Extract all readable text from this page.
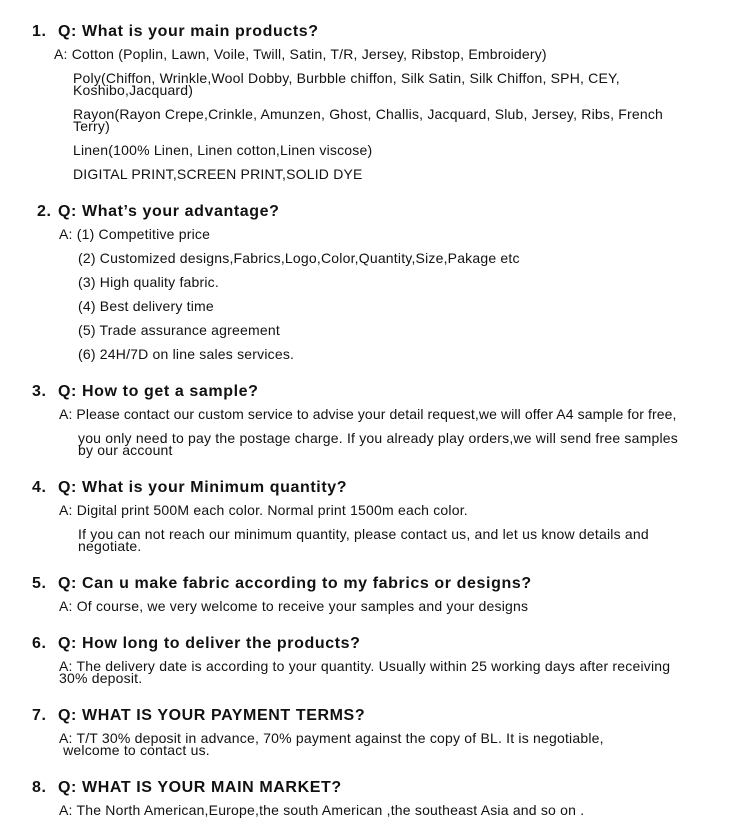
1. Q: What is your main products?
A: Cotton (Poplin, Lawn, Voile, Twill, Satin, T/R, Jersey, Ribstop, Embroidery)
Poly(Chiffon, Wrinkle,Wool Dobby, Burbble chiffon, Silk Satin, Silk Chiffon, SPH, CEY,
Koshibo,Jacquard)
Rayon(Rayon Crepe,Crinkle, Amunzen, Ghost, Challis, Jacquard, Slub, Jersey, Ribs, French
Terry)
Linen(100% Linen, Linen cotton,Linen viscose)
DIGITAL PRINT,SCREEN PRINT,SOLID DYE
2. Q: What’s your advantage?
A: (1) Competitive price
(2) Customized designs,Fabrics,Logo,Color,Quantity,Size,Pakage etc
(3) High quality fabric.
(4) Best delivery time
(5) Trade assurance agreement
(6) 24H/7D on line sales services.
3. Q: How to get a sample?
A: Please contact our custom service to advise your detail request,we will offer A4 sample for free,
you only need to pay the postage charge. If you already play orders,we will send free samples
by our account
4. Q: What is your Minimum quantity?
A: Digital print 500M each color. Normal print 1500m each color.
If you can not reach our minimum quantity, please contact us, and let us know details and
negotiate.
5. Q: Can u make fabric according to my fabrics or designs?
A: Of course, we very welcome to receive your samples and your designs
6. Q: How long to deliver the products?
A: The delivery date is according to your quantity. Usually within 25 working days after receiving
30% deposit.
7. Q: WHAT IS YOUR PAYMENT TERMS?
A: T/T 30% deposit in advance, 70% payment against the copy of BL. It is negotiable,
welcome to contact us.
8. Q: WHAT IS YOUR MAIN MARKET?
A: The North American,Europe,the south American ,the southeast Asia and so on .
